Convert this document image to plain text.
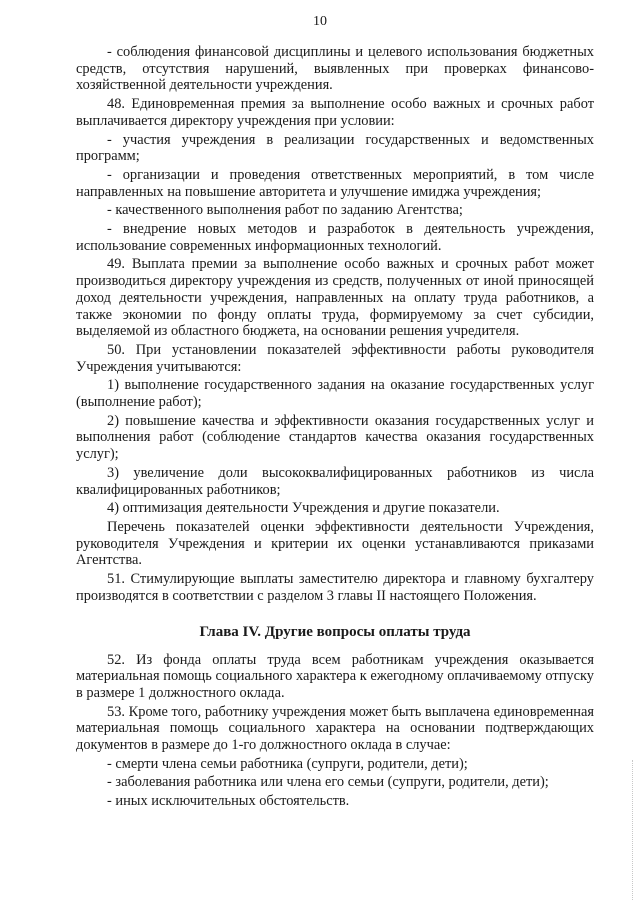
10

- соблюдения финансовой дисциплины и целевого использования бюджетных средств, отсутствия нарушений, выявленных при проверках финансово-хозяйственной деятельности учреждения.

48. Единовременная премия за выполнение особо важных и срочных работ выплачивается директору учреждения при условии:

- участия учреждения в реализации государственных и ведомственных программ;

- организации и проведения ответственных мероприятий, в том числе направленных на повышение авторитета и улучшение имиджа учреждения;

- качественного выполнения работ по заданию Агентства;

- внедрение новых методов и разработок в деятельность учреждения, использование современных информационных технологий.

49. Выплата премии за выполнение особо важных и срочных работ может производиться директору учреждения из средств, полученных от иной приносящей доход деятельности учреждения, направленных на оплату труда работников, а также экономии по фонду оплаты труда, формируемому за счет субсидии, выделяемой из областного бюджета, на основании решения учредителя.

50. При установлении показателей эффективности работы руководителя Учреждения учитываются:

1) выполнение государственного задания на оказание государственных услуг (выполнение работ);

2) повышение качества и эффективности оказания государственных услуг и выполнения работ (соблюдение стандартов качества оказания государственных услуг);

3) увеличение доли высококвалифицированных работников из числа квалифицированных работников;

4) оптимизация деятельности Учреждения и другие показатели.

Перечень показателей оценки эффективности деятельности Учреждения, руководителя Учреждения и критерии их оценки устанавливаются приказами Агентства.

51. Стимулирующие выплаты заместителю директора и главному бухгалтеру производятся в соответствии с разделом 3 главы II настоящего Положения.

Глава IV. Другие вопросы оплаты труда

52. Из фонда оплаты труда всем работникам учреждения оказывается материальная помощь социального характера к ежегодному оплачиваемому отпуску в размере 1 должностного оклада.

53. Кроме того, работнику учреждения может быть выплачена единовременная материальная помощь социального характера на основании подтверждающих документов в размере до 1-го должностного оклада в случае:

- смерти члена семьи работника (супруги, родители, дети);

- заболевания работника или члена его семьи (супруги, родители, дети);

- иных исключительных обстоятельств.
